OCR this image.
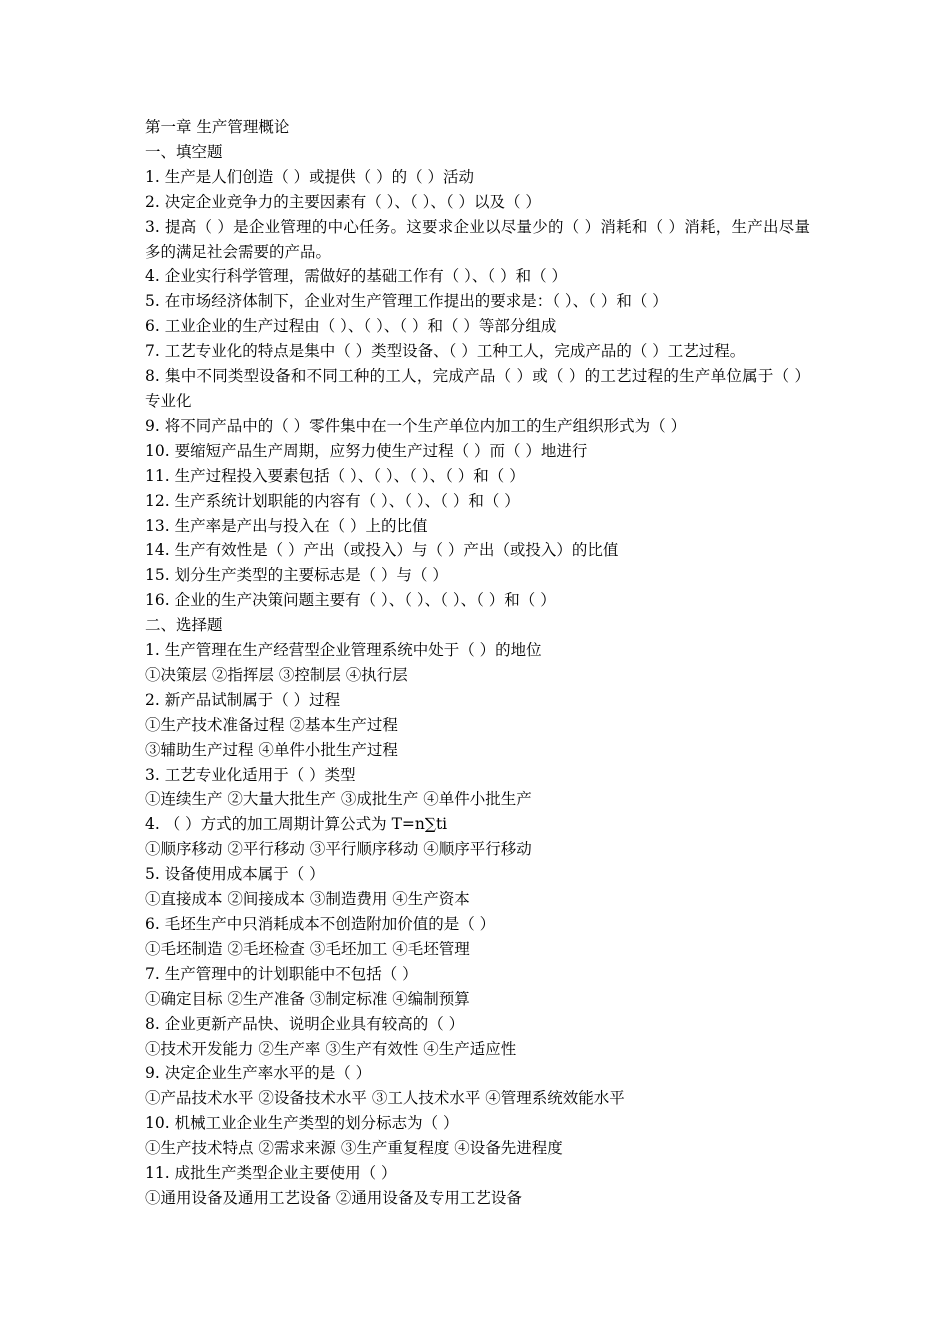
第一章 生产管理概论
一、填空题
1. 生产是人们创造（ ）或提供（ ）的（ ）活动
2. 决定企业竞争力的主要因素有（ ）、（ ）、（ ）以及（ ）
3. 提高（ ）是企业管理的中心任务。这要求企业以尽量少的（ ）消耗和（ ）消耗，生产出尽量多的满足社会需要的产品。
4. 企业实行科学管理，需做好的基础工作有（ ）、（ ）和（ ）
5. 在市场经济体制下，企业对生产管理工作提出的要求是：（ ）、（ ）和（ ）
6. 工业企业的生产过程由（ ）、（ ）、（ ）和（ ）等部分组成
7. 工艺专业化的特点是集中（ ）类型设备、（ ）工种工人，完成产品的（ ）工艺过程。
8. 集中不同类型设备和不同工种的工人，完成产品（ ）或（ ）的工艺过程的生产单位属于（ ）专业化
9. 将不同产品中的（ ）零件集中在一个生产单位内加工的生产组织形式为（ ）
10. 要缩短产品生产周期，应努力使生产过程（ ）而（ ）地进行
11. 生产过程投入要素包括（ ）、（ ）、（ ）、（ ）和（ ）
12. 生产系统计划职能的内容有（ ）、（ ）、（ ）和（ ）
13. 生产率是产出与投入在（ ）上的比值
14. 生产有效性是（ ）产出（或投入）与（ ）产出（或投入）的比值
15. 划分生产类型的主要标志是（ ）与（ ）
16. 企业的生产决策问题主要有（ ）、（ ）、（ ）、（ ）和（ ）
二、选择题
1. 生产管理在生产经营型企业管理系统中处于（ ）的地位
①决策层 ②指挥层 ③控制层 ④执行层
2. 新产品试制属于（ ）过程
①生产技术准备过程 ②基本生产过程
③辅助生产过程 ④单件小批生产过程
3. 工艺专业化适用于（ ）类型
①连续生产 ②大量大批生产 ③成批生产 ④单件小批生产
4. （ ）方式的加工周期计算公式为 T=n∑ti
①顺序移动 ②平行移动 ③平行顺序移动 ④顺序平行移动
5. 设备使用成本属于（ ）
①直接成本 ②间接成本 ③制造费用 ④生产资本
6. 毛坯生产中只消耗成本不创造附加价值的是（ ）
①毛坯制造 ②毛坯检查 ③毛坯加工 ④毛坯管理
7. 生产管理中的计划职能中不包括（ ）
①确定目标 ②生产准备 ③制定标准 ④编制预算
8. 企业更新产品快、说明企业具有较高的（ ）
①技术开发能力 ②生产率 ③生产有效性 ④生产适应性
9. 决定企业生产率水平的是（ ）
①产品技术水平 ②设备技术水平 ③工人技术水平 ④管理系统效能水平
10. 机械工业企业生产类型的划分标志为（ ）
①生产技术特点 ②需求来源 ③生产重复程度 ④设备先进程度
11. 成批生产类型企业主要使用（ ）
①通用设备及通用工艺设备 ②通用设备及专用工艺设备
